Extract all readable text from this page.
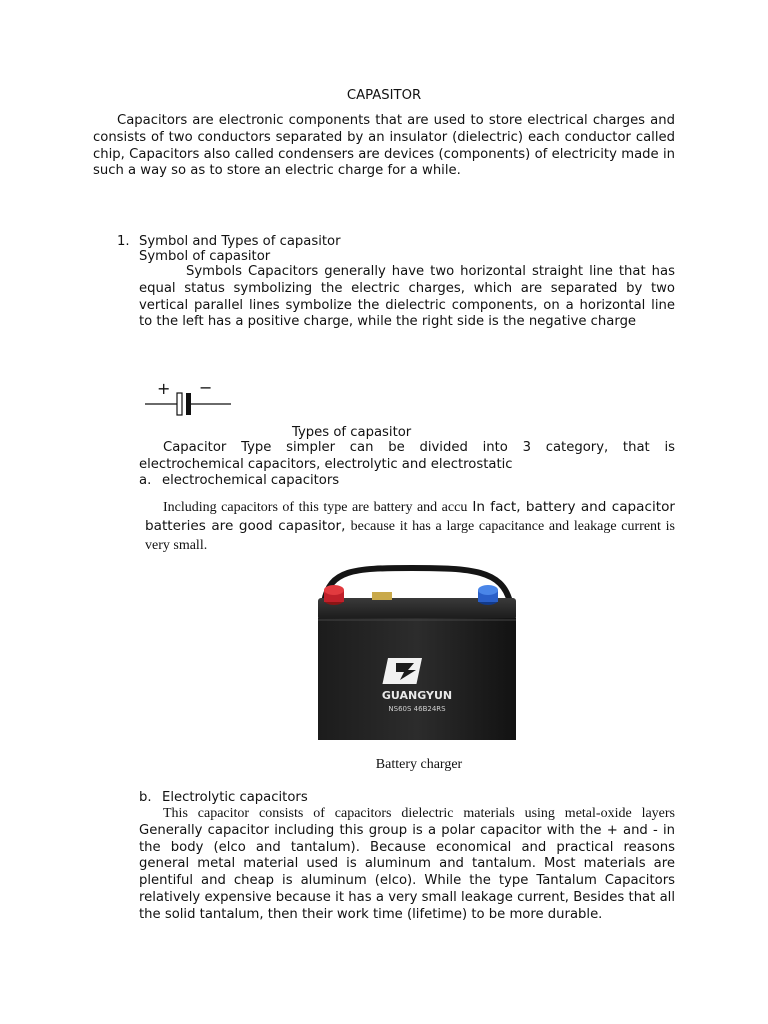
CAPASITOR

Capacitors are electronic components that are used to store electrical charges and consists of two conductors separated by an insulator (dielectric) each conductor called chip, Capacitors also called condensers are devices (components) of electricity made in such a way so as to store an electric charge for a while.

1. Symbol and Types of capasitor
Symbol of capasitor

Symbols Capacitors generally have two horizontal straight line that has equal status symbolizing the electric charges, which are separated by two vertical parallel lines symbolize the dielectric components, on a horizontal line to the left has a positive charge, while the right side is the negative charge

+ −
Types of capasitor

Capacitor Type simpler can be divided into 3 category, that is electrochemical capacitors, electrolytic and electrostatic

a. electrochemical capacitors

Including capacitors of this type are battery and accu In fact, battery and capacitor batteries are good capasitor, because it has a large capacitance and leakage current is very small.

GUANGYUN
NS60S 46B24RS

Battery charger

b. Electrolytic capacitors

This capacitor consists of capacitors dielectric materials using metal-oxide layers Generally capacitor including this group is a polar capacitor with the + and - in the body (elco and tantalum). Because economical and practical reasons general metal material used is aluminum and tantalum. Most materials are plentiful and cheap is aluminum (elco). While the type Tantalum Capacitors relatively expensive because it has a very small leakage current, Besides that all the solid tantalum, then their work time (lifetime) to be more durable.
